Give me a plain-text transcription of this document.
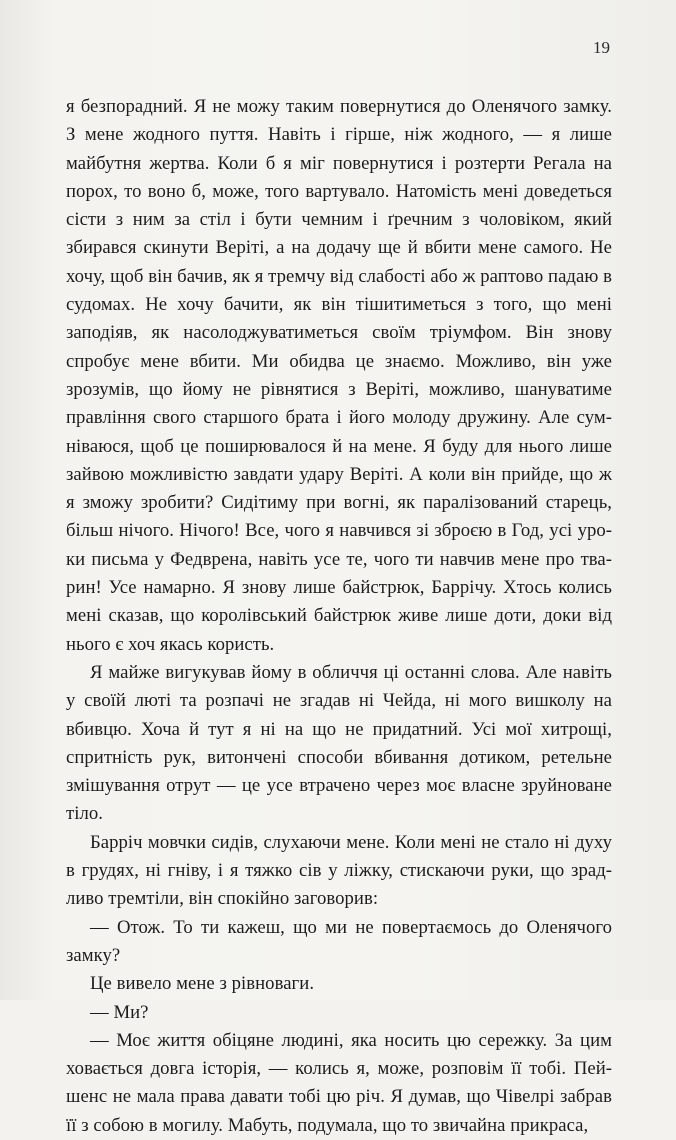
19

я безпорадний. Я не можу таким повернутися до Оленячого замку. З мене жодного пуття. Навіть і гірше, ніж жодного, — я лише майбутня жертва. Коли б я міг повернутися і розтерти Регала на порох, то воно б, може, того вартувало. Натомість мені доведеться сісти з ним за стіл і бути чемним і ґречним з чоловіком, який збирався скинути Веріті, а на додачу ще й вбити мене самого. Не хочу, щоб він бачив, як я тремчу від слабості або ж раптово падаю в судомах. Не хочу бачити, як він тішитиметься з того, що мені заподіяв, як насолоджуватиметься своїм тріумфом. Він знову спробує мене вбити. Ми обидва це знаємо. Можливо, він уже зрозумів, що йому не рівнятися з Веріті, можливо, шануватиме правління свого старшого брата і його молоду дружину. Але сумніваюся, щоб це поширювалося й на мене. Я буду для нього лише зайвою можливістю завдати удару Веріті. А коли він прийде, що ж я зможу зробити? Сидітиму при вогні, як паралізований старець, більш нічого. Нічого! Все, чого я навчився зі зброєю в Год, усі уроки письма у Федврена, навіть усе те, чого ти навчив мене про тварин! Усе намарно. Я знову лише байстрюк, Баррічу. Хтось колись мені сказав, що королівський байстрюк живе лише доти, доки від нього є хоч якась користь.

Я майже вигукував йому в обличчя ці останні слова. Але навіть у своїй люті та розпачі не згадав ні Чейда, ні мого вишколу на вбивцю. Хоча й тут я ні на що не придатний. Усі мої хитрощі, спритність рук, витончені способи вбивання дотиком, ретельне змішування отрут — це усе втрачено через моє власне зруйноване тіло.

Барріч мовчки сидів, слухаючи мене. Коли мені не стало ні духу в грудях, ні гніву, і я тяжко сів у ліжку, стискаючи руки, що зрадливо тремтіли, він спокійно заговорив:

— Отож. То ти кажеш, що ми не повертаємось до Оленячого замку?

Це вивело мене з рівноваги.

— Ми?

— Моє життя обіцяне людині, яка носить цю сережку. За цим ховається довга історія, — колись я, може, розповім її тобі. Пейшенс не мала права давати тобі цю річ. Я думав, що Чівелрі забрав її з собою в могилу. Мабуть, подумала, що то звичайна прикраса,
